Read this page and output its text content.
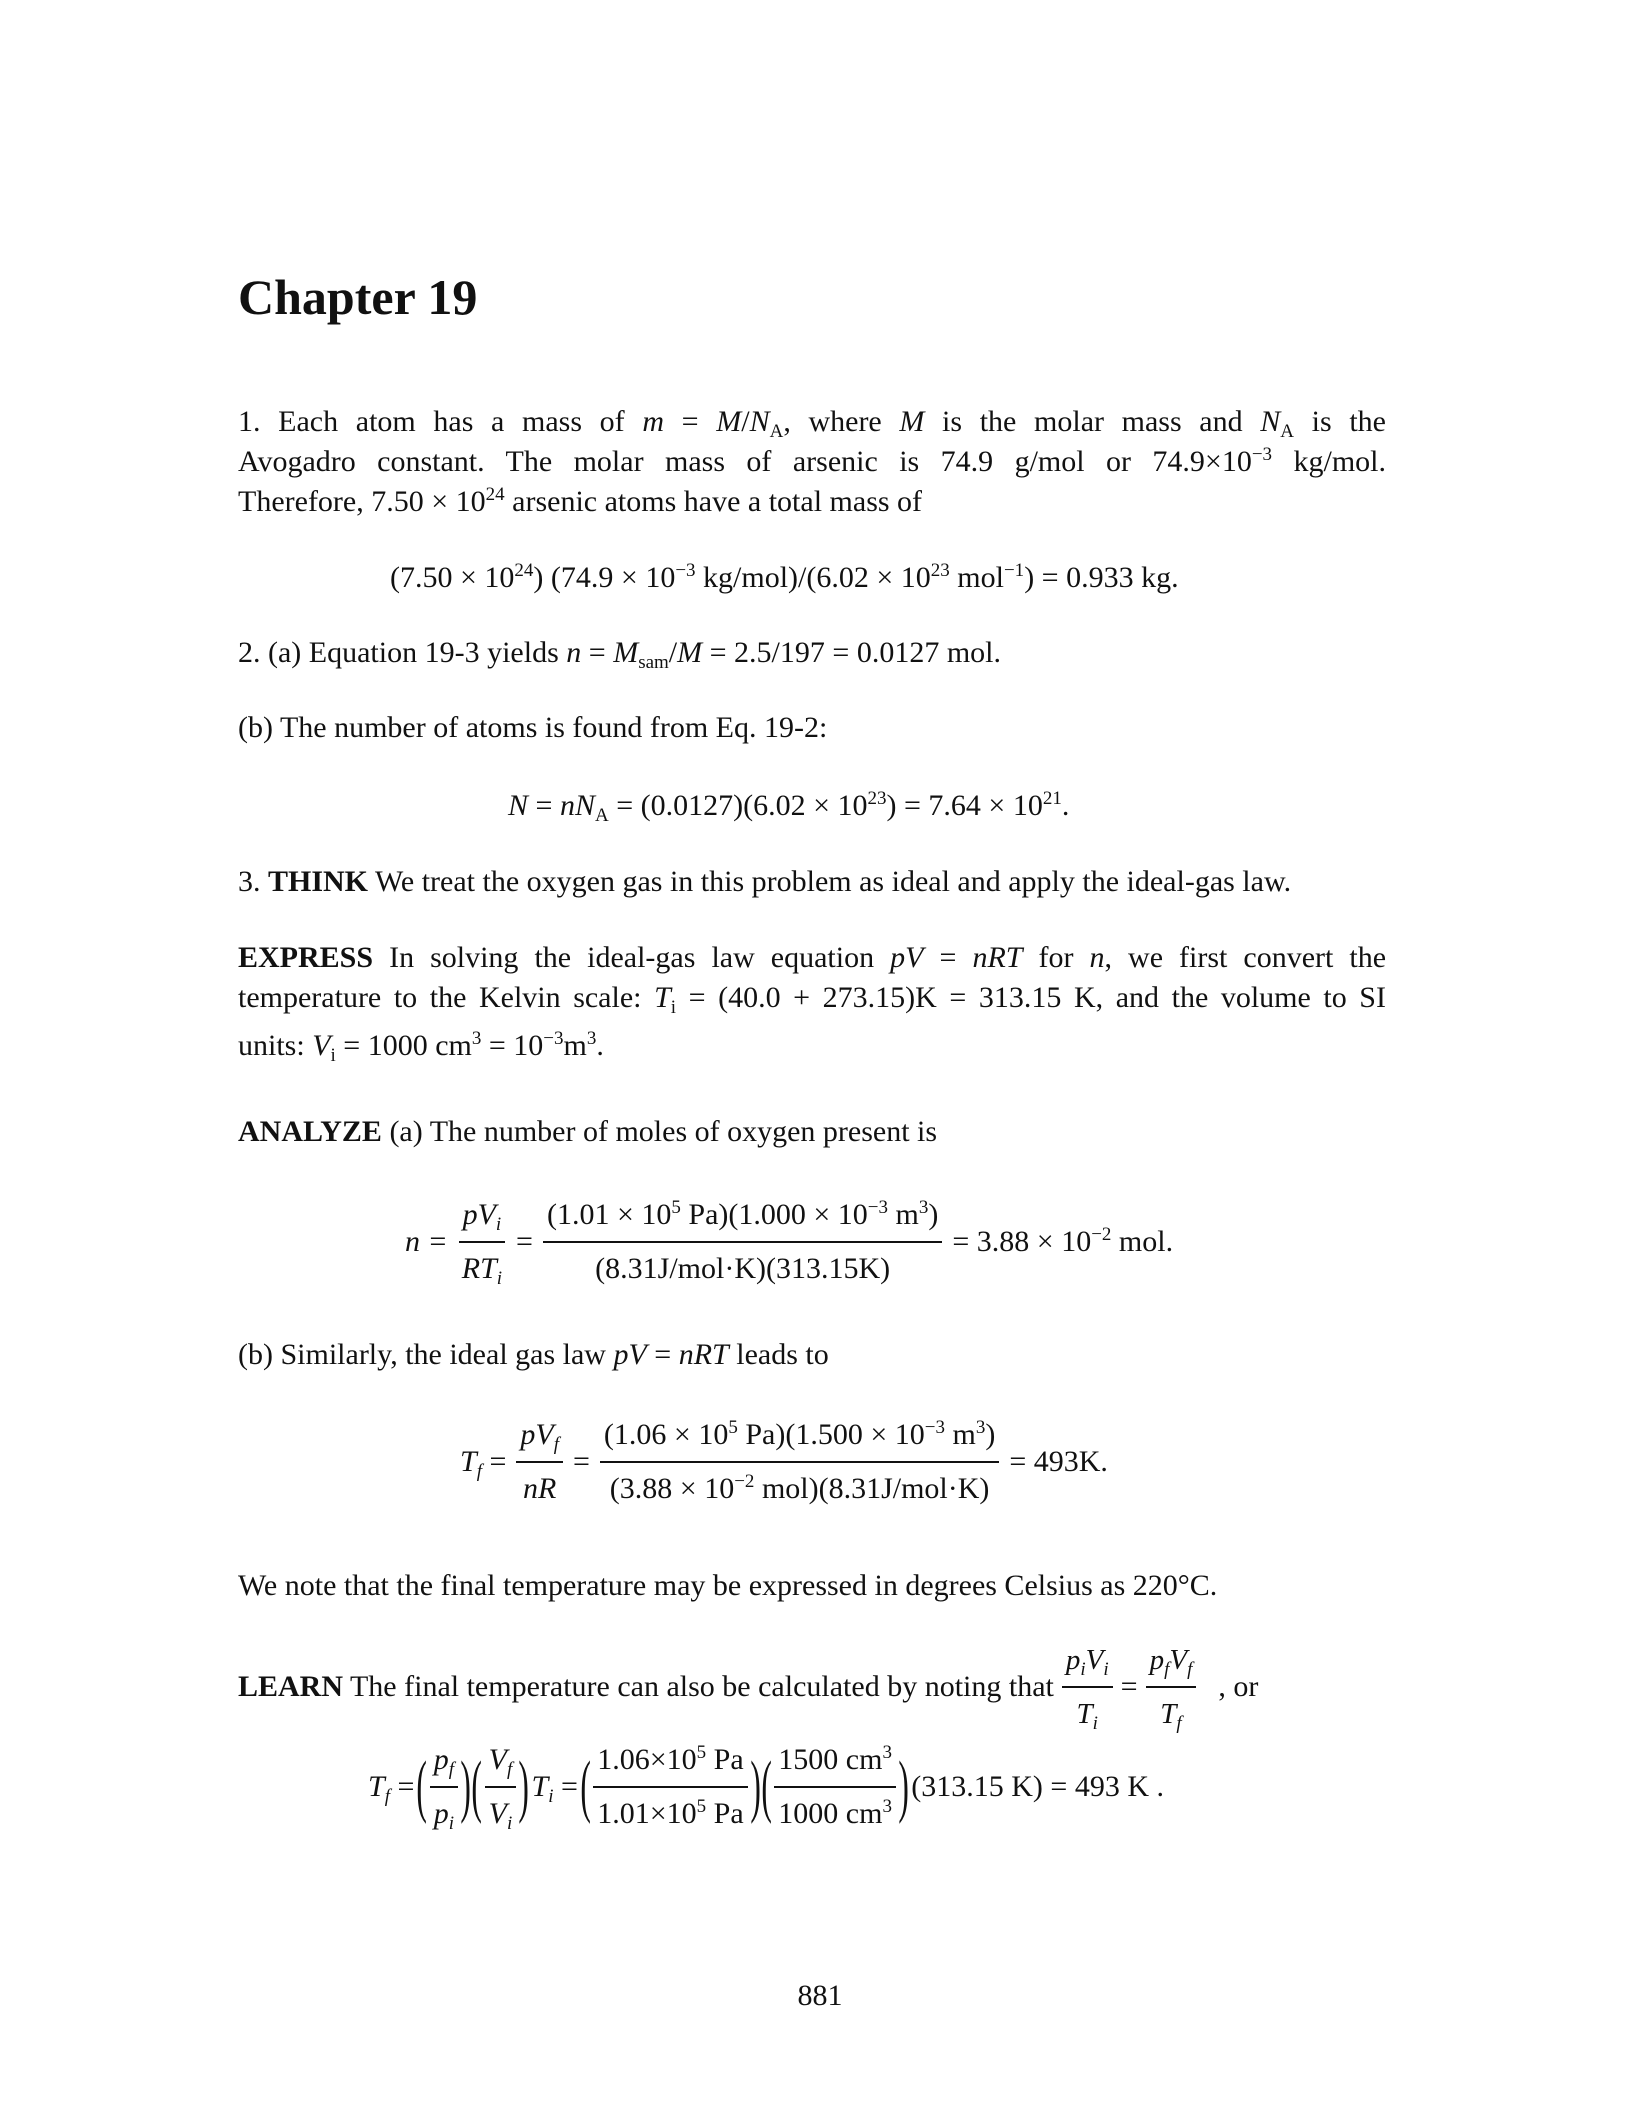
Chapter 19
1. Each atom has a mass of $m = M/N_A$, where M is the molar mass and $N_A$ is the
Avogadro constant. The molar mass of arsenic is 74.9 g/mol or $74.9\times 10^{-3}$ kg/mol.
Therefore, $7.50 \times 10^{24}$ arsenic atoms have a total mass of
$(7.50 \times 10^{24})$ ($74.9 \times 10^{-3}$ $kg/mol)/(6.02 \times 10^{23}$ mol$^{-1}$) = 0.933 kg.
2. (a) Equation 19-3 yields $n = M_{sam}/M = 2.5/197 = 0.0127$ mol.
(b) The number of atoms is found from Eq. 19-2:
$N = nN_A = (0.0127)(6.02 \times 10^{23}) = 7.64 \times 10^{21}$.
3. THINK We treat the oxygen gas in this problem as ideal and apply the ideal-gas law.
EXPRESS In solving the ideal-gas law equation pV = nRT for n, we first convert the
temperature to the Kelvin scale: $T_i = (40.0 + 273.15)K = 313.15$ K, and the volume to SI
units: $V_i = 1000$ $cm^3 = 10^{-3}m^3$.
ANALYZE (a) The number of moles of oxygen present is
$n = \frac{pV_i}{RT_i} = \frac{(1.01 \times 10^5 Pa)(1.000 \times 10^{-3} m^3)}{\text{(8.31J/mol·K)(313.15K)}} = 3.88 \times 10^{-2}$ mol.
(b) Similarly, the ideal gas law pV = nRT leads to
$T_f = \frac{pV_f}{nR} = \frac{(1.06 \times 10^5 Pa)(1.500 \times 10^{-3} m^3)}{(3.88 \times 10^{-2} mol)(8.31J/mol\cdot K)} = 493K$.
We note that the final temperature may be expressed in degrees Celsius as 220°C.
LEARN The final temperature can also be calculated by noting that $\frac{p_iV_i}{T_i} = \frac{p_fV_f}{T_f}$ , or
$T_f$ = ( $\frac{p_f}{p_i}$ ) ( $\frac{V_f}{V_i}$ ) $T_i$ = ( $\frac{1.06\times 10^5 Pa}{1.01\times 10^5 Pa}$ ) ( $\frac{1500 cm^3}{1000 cm^3}$ ) (313.15 K) = 493 K .
881
